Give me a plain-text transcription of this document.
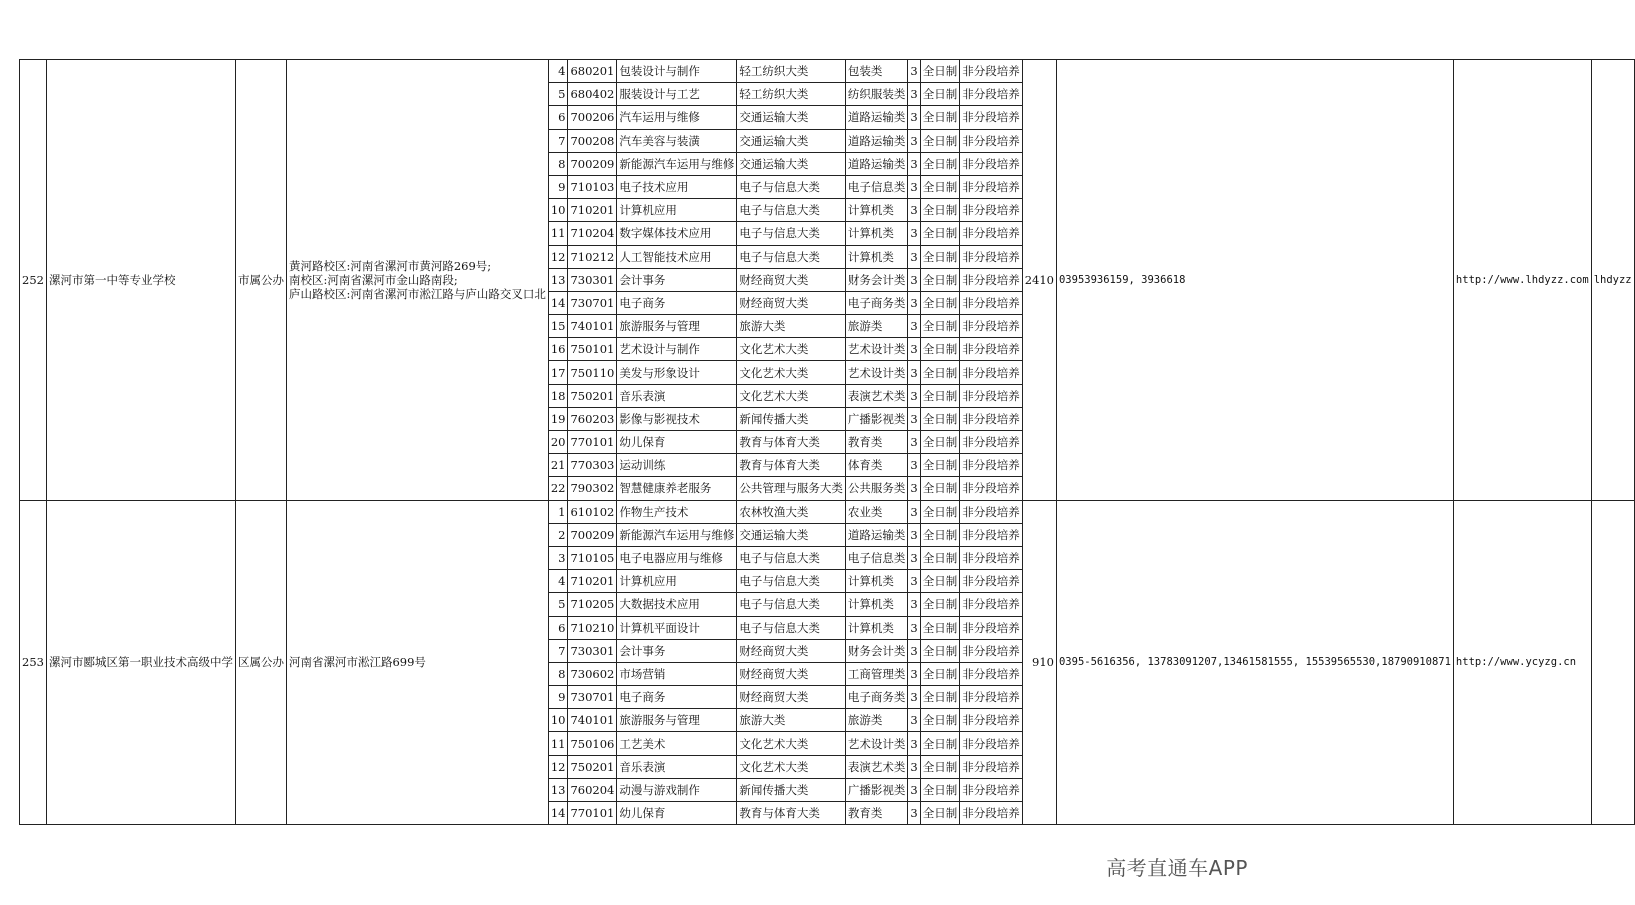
252	漯河市第一中等专业学校	市属公办	黄河路校区:河南省漯河市黄河路269号;
南校区:河南省漯河市金山路南段;
庐山路校区:河南省漯河市淞江路与庐山路交叉口北	4	680201	包装设计与制作	轻工纺织大类	包装类	3	全日制	非分段培养	2410	03953936159, 3936618	http://www.lhdyzz.com	lhdyzz
				5	680402	服装设计与工艺	轻工纺织大类	纺织服装类	3	全日制	非分段培养				
				6	700206	汽车运用与维修	交通运输大类	道路运输类	3	全日制	非分段培养				
				7	700208	汽车美容与装潢	交通运输大类	道路运输类	3	全日制	非分段培养				
				8	700209	新能源汽车运用与维修	交通运输大类	道路运输类	3	全日制	非分段培养				
				9	710103	电子技术应用	电子与信息大类	电子信息类	3	全日制	非分段培养				
				10	710201	计算机应用	电子与信息大类	计算机类	3	全日制	非分段培养				
				11	710204	数字媒体技术应用	电子与信息大类	计算机类	3	全日制	非分段培养				
				12	710212	人工智能技术应用	电子与信息大类	计算机类	3	全日制	非分段培养				
				13	730301	会计事务	财经商贸大类	财务会计类	3	全日制	非分段培养				
				14	730701	电子商务	财经商贸大类	电子商务类	3	全日制	非分段培养				
				15	740101	旅游服务与管理	旅游大类	旅游类	3	全日制	非分段培养				
				16	750101	艺术设计与制作	文化艺术大类	艺术设计类	3	全日制	非分段培养				
				17	750110	美发与形象设计	文化艺术大类	艺术设计类	3	全日制	非分段培养				
				18	750201	音乐表演	文化艺术大类	表演艺术类	3	全日制	非分段培养				
				19	760203	影像与影视技术	新闻传播大类	广播影视类	3	全日制	非分段培养				
				20	770101	幼儿保育	教育与体育大类	教育类	3	全日制	非分段培养				
				21	770303	运动训练	教育与体育大类	体育类	3	全日制	非分段培养				
				22	790302	智慧健康养老服务	公共管理与服务大类	公共服务类	3	全日制	非分段培养				
253	漯河市郾城区第一职业技术高级中学	区属公办	河南省漯河市淞江路699号	1	610102	作物生产技术	农林牧渔大类	农业类	3	全日制	非分段培养	910	0395-5616356, 13783091207,13461581555, 15539565530,18790910871	http://www.ycyzg.cn	
				2	700209	新能源汽车运用与维修	交通运输大类	道路运输类	3	全日制	非分段培养				
				3	710105	电子电器应用与维修	电子与信息大类	电子信息类	3	全日制	非分段培养				
				4	710201	计算机应用	电子与信息大类	计算机类	3	全日制	非分段培养				
				5	710205	大数据技术应用	电子与信息大类	计算机类	3	全日制	非分段培养				
				6	710210	计算机平面设计	电子与信息大类	计算机类	3	全日制	非分段培养				
				7	730301	会计事务	财经商贸大类	财务会计类	3	全日制	非分段培养				
				8	730602	市场营销	财经商贸大类	工商管理类	3	全日制	非分段培养				
				9	730701	电子商务	财经商贸大类	电子商务类	3	全日制	非分段培养				
				10	740101	旅游服务与管理	旅游大类	旅游类	3	全日制	非分段培养				
				11	750106	工艺美术	文化艺术大类	艺术设计类	3	全日制	非分段培养				
				12	750201	音乐表演	文化艺术大类	表演艺术类	3	全日制	非分段培养				
				13	760204	动漫与游戏制作	新闻传播大类	广播影视类	3	全日制	非分段培养				
				14	770101	幼儿保育	教育与体育大类	教育类	3	全日制	非分段培养				
高考直通车APP
